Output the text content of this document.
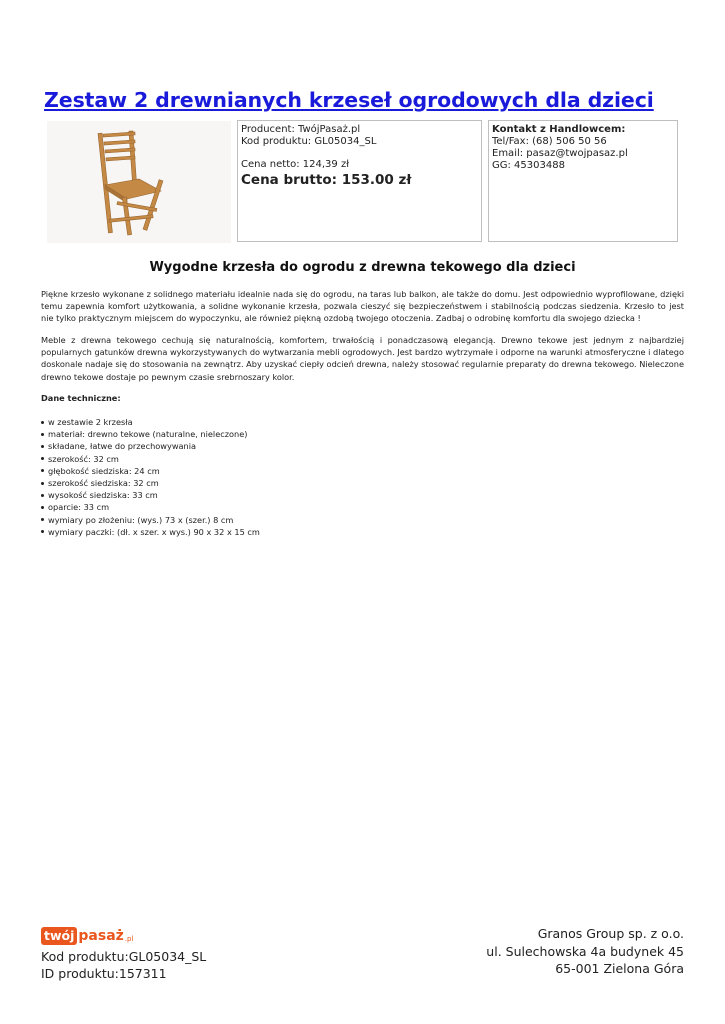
Zestaw 2 drewnianych krzeseł ogrodowych dla dzieci
Producent: TwójPasaż.pl
Kod produktu: GL05034_SL
Cena netto: 124,39 zł
Cena brutto: 153.00 zł
Kontakt z Handlowcem:
Tel/Fax: (68) 506 50 56
Email: pasaz@twojpasaz.pl
GG: 45303488
Wygodne krzesła do ogrodu z drewna tekowego dla dzieci

Piękne krzesło wykonane z solidnego materiału idealnie nada się do ogrodu, na taras lub balkon, ale także do domu. Jest odpowiednio wyprofilowane, dzięki temu zapewnia komfort użytkowania, a solidne wykonanie krzesła, pozwala cieszyć się bezpieczeństwem i stabilnością podczas siedzenia. Krzesło to jest nie tylko praktycznym miejscem do wypoczynku, ale również piękną ozdobą twojego otoczenia. Zadbaj o odrobinę komfortu dla swojego dziecka !

Meble z drewna tekowego cechują się naturalnością, komfortem, trwałością i ponadczasową elegancją. Drewno tekowe jest jednym z najbardziej popularnych gatunków drewna wykorzystywanych do wytwarzania mebli ogrodowych. Jest bardzo wytrzymałe i odporne na warunki atmosferyczne i dlatego doskonale nadaje się do stosowania na zewnątrz. Aby uzyskać ciepły odcień drewna, należy stosować regularnie preparaty do drewna tekowego. Nieleczone drewno tekowe dostaje po pewnym czasie srebrnoszary kolor.

Dane techniczne:

w zestawie 2 krzesła
materiał: drewno tekowe (naturalne, nieleczone)
składane, łatwe do przechowywania
szerokość: 32 cm
głębokość siedziska: 24 cm
szerokość siedziska: 32 cm
wysokość siedziska: 33 cm
oparcie: 33 cm
wymiary po złożeniu: (wys.) 73 x (szer.) 8 cm
wymiary paczki: (dł. x szer. x wys.) 90 x 32 x 15 cm
twój pasaż .pl
Kod produktu:GL05034_SL
ID produktu:157311
Granos Group sp. z o.o.
ul. Sulechowska 4a budynek 45
65-001 Zielona Góra
